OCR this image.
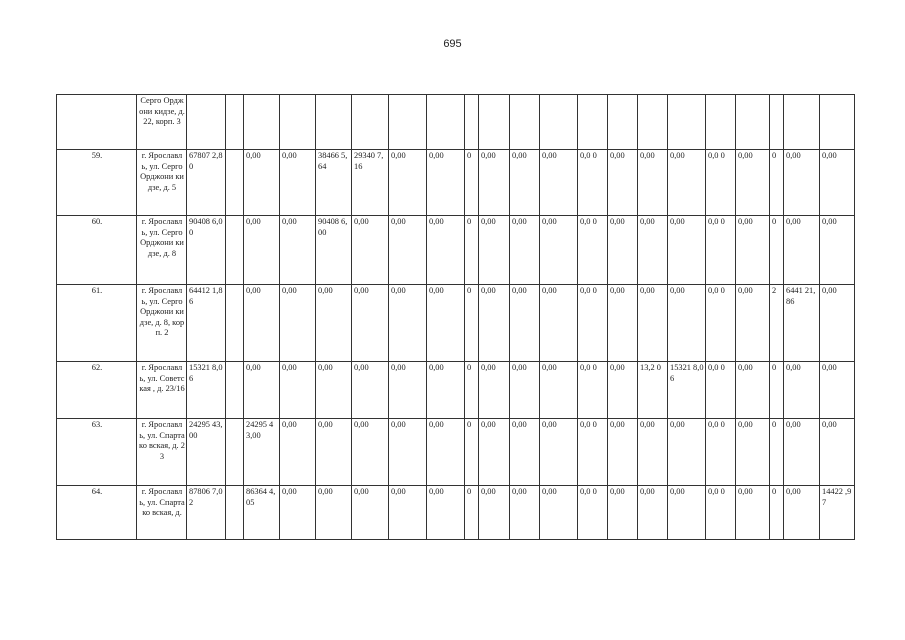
695
	Серго Орджони кидзе, д. 22, корп. 3																						
59.	г. Ярославл ь, ул. Серго Орджони кидзе, д. 5	67807 2,80		0,00	0,00	38466 5,64	29340 7,16	0,00	0,00	0	0,00	0,00	0,00	0,0 0	0,00	0,00	0,00	0,0 0	0,00	0	0,00	0,00	
60.	г. Ярославл ь, ул. Серго Орджони кидзе, д. 8	90408 6,00		0,00	0,00	90408 6,00	0,00	0,00	0,00	0	0,00	0,00	0,00	0,0 0	0,00	0,00	0,00	0,0 0	0,00	0	0,00	0,00	
61.	г. Ярославл ь, ул. Серго Орджони кидзе, д. 8, корп. 2	64412 1,86		0,00	0,00	0,00	0,00	0,00	0,00	0	0,00	0,00	0,00	0,0 0	0,00	0,00	0,00	0,0 0	0,00	2	6441 21,86	0,00	
62.	г. Ярославл ь, ул. Советская , д. 23/16	15321 8,06		0,00	0,00	0,00	0,00	0,00	0,00	0	0,00	0,00	0,00	0,0 0	0,00	13,2 0	15321 8,06	0,0 0	0,00	0	0,00	0,00	
63.	г. Ярославл ь, ул. Спартако вская, д. 23	24295 43,00		24295 43,00	0,00	0,00	0,00	0,00	0,00	0	0,00	0,00	0,00	0,0 0	0,00	0,00	0,00	0,0 0	0,00	0	0,00	0,00	
64.	г. Ярославл ь, ул. Спартако вская, д.	87806 7,02		86364 4,05	0,00	0,00	0,00	0,00	0,00	0	0,00	0,00	0,00	0,0 0	0,00	0,00	0,00	0,0 0	0,00	0	0,00	14422 ,97	
